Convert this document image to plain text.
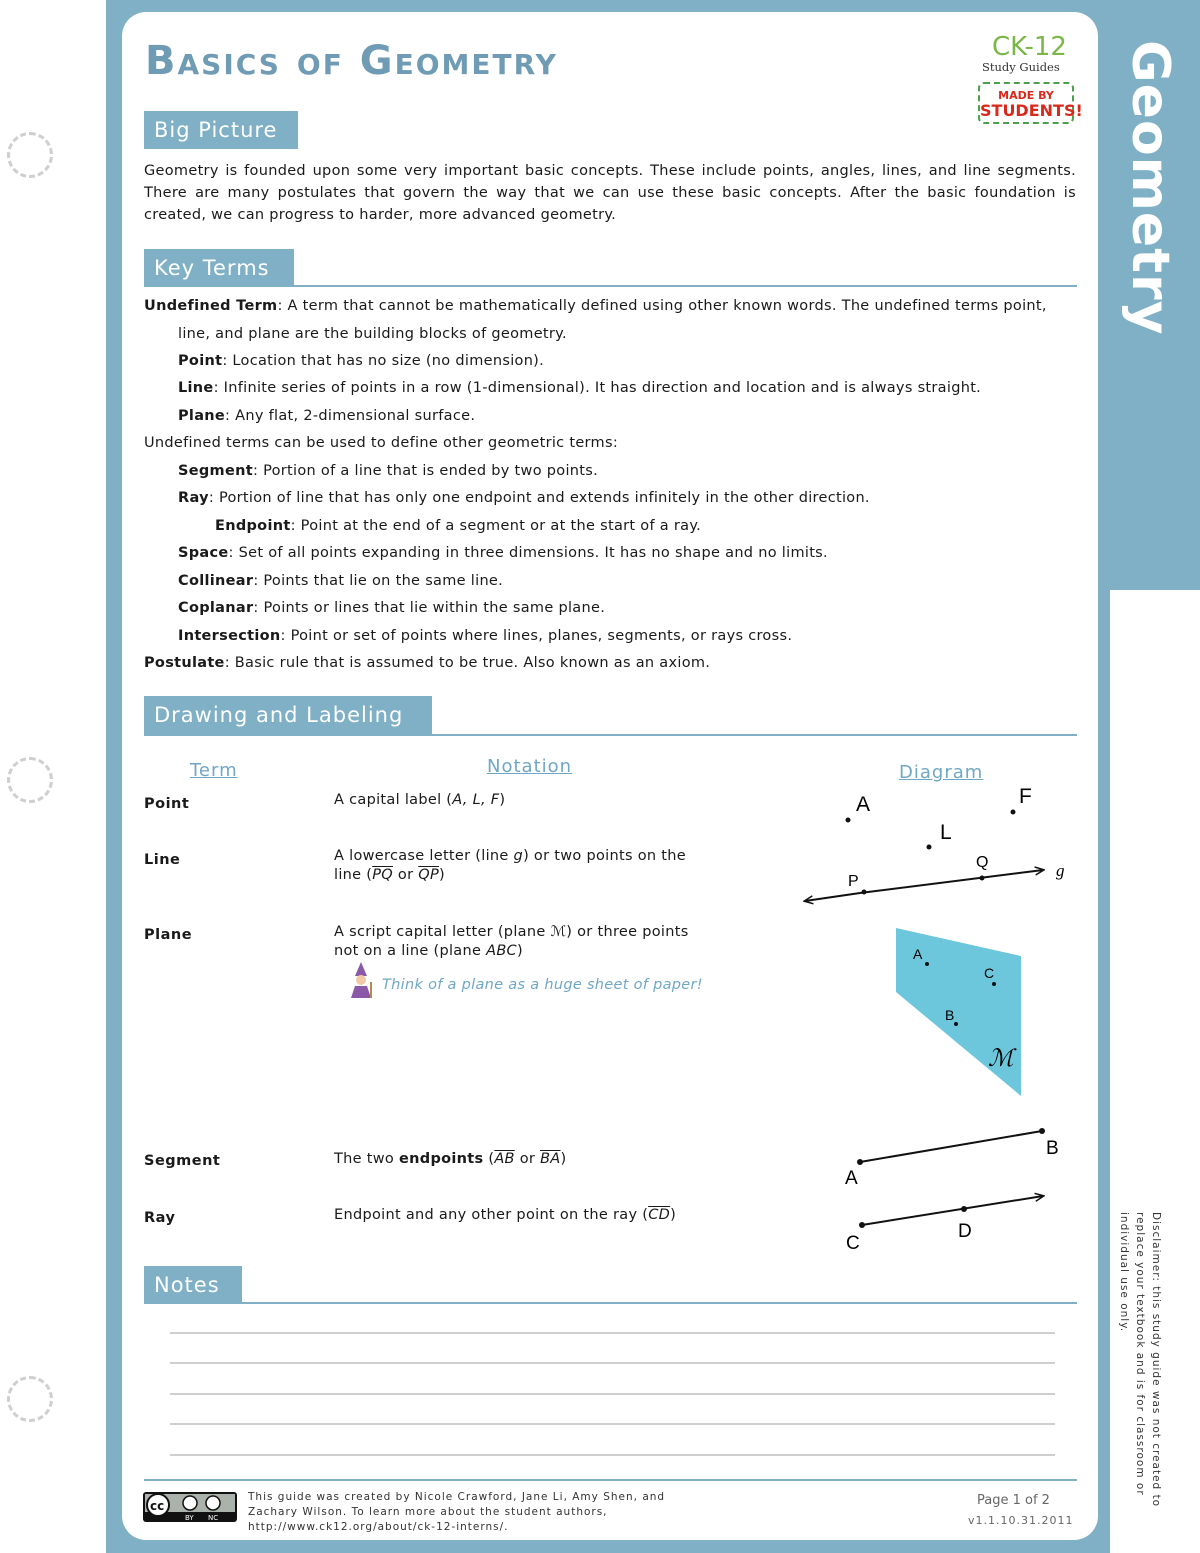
Geometry
Disclaimer: this study guide was not created to replace your textbook and is for classroom or individual use only.
Basics of Geometry	CK-12
Study Guides
MADE BY
STUDENTS!
Big Picture
Geometry is founded upon some very important basic concepts. These include points, angles, lines, and line segments. There are many postulates that govern the way that we can use these basic concepts. After the basic foundation is created, we can progress to harder, more advanced geometry.
Key Terms
Undefined Term: A term that cannot be mathematically defined using other known words. The undefined terms point,
line, and plane are the building blocks of geometry.
Point: Location that has no size (no dimension).
Line: Infinite series of points in a row (1-dimensional). It has direction and location and is always straight.
Plane: Any flat, 2-dimensional surface.
Undefined terms can be used to define other geometric terms:
Segment: Portion of a line that is ended by two points.
Ray: Portion of line that has only one endpoint and extends infinitely in the other direction.
Endpoint: Point at the end of a segment or at the start of a ray.
Space: Set of all points expanding in three dimensions. It has no shape and no limits.
Collinear: Points that lie on the same line.
Coplanar: Points or lines that lie within the same plane.
Intersection: Point or set of points where lines, planes, segments, or rays cross.
Postulate: Basic rule that is assumed to be true. Also known as an axiom.
Drawing and Labeling
Term	Notation	Diagram
Point	A capital label (A, L, F)
Line	A lowercase letter (line g) or two points on the
line ($\overline{PQ}$ or $\overline{QP}$)
Plane	A script capital letter (plane ℳ) or three points
not on a line (plane ABC)
Think of a plane as a huge sheet of paper!
Segment	The two endpoints ($\overline{AB}$ or $\overline{BA}$)
Ray	Endpoint and any other point on the ray $(\overline{CD})$
A	F
L
P
Q	g
A
C
B
ℳ
A
B
C
D
Notes
cc
BY NC
This guide was created by Nicole Crawford, Jane Li, Amy Shen, and Zachary Wilson. To learn more about the student authors, http://www.ck12.org/about/ck-12-interns/.
Page 1 of 2
v1.1.10.31.2011
